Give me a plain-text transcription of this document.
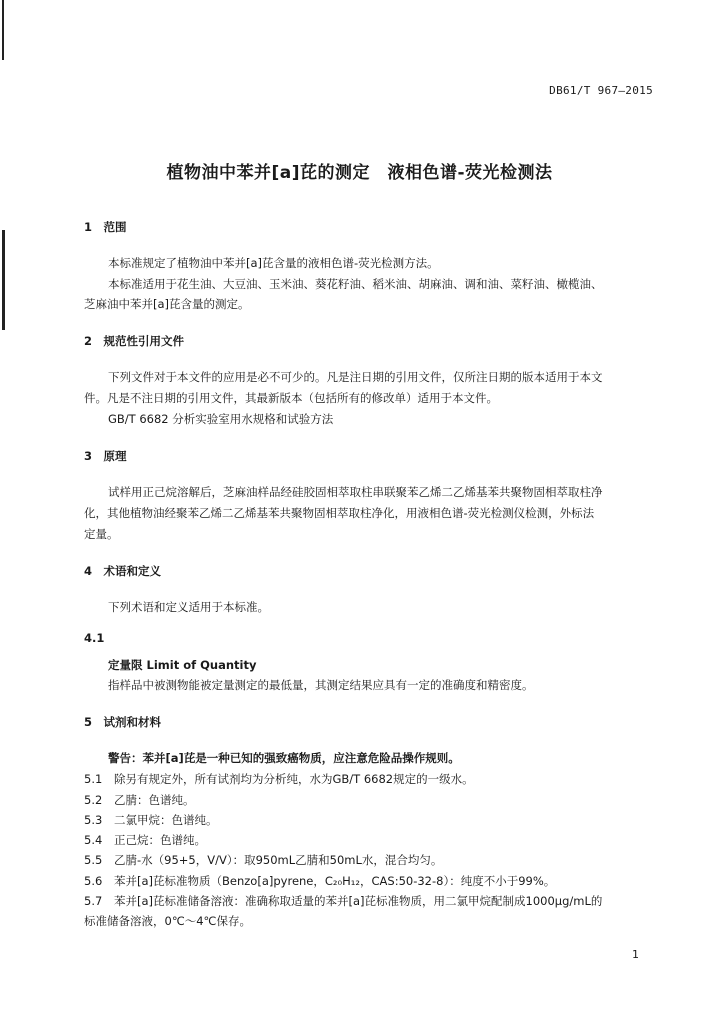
DB61/T 967—2015
植物油中苯并[a]芘的测定　液相色谱-荧光检测法
1　范围
本标准规定了植物油中苯并[a]芘含量的液相色谱-荧光检测方法。
本标准适用于花生油、大豆油、玉米油、葵花籽油、稻米油、胡麻油、调和油、菜籽油、橄榄油、
芝麻油中苯并[a]芘含量的测定。
2　规范性引用文件
下列文件对于本文件的应用是必不可少的。凡是注日期的引用文件，仅所注日期的版本适用于本文
件。凡是不注日期的引用文件，其最新版本（包括所有的修改单）适用于本文件。
GB/T 6682 分析实验室用水规格和试验方法
3　原理
试样用正己烷溶解后，芝麻油样品经硅胶固相萃取柱串联聚苯乙烯二乙烯基苯共聚物固相萃取柱净
化，其他植物油经聚苯乙烯二乙烯基苯共聚物固相萃取柱净化，用液相色谱-荧光检测仪检测，外标法
定量。
4　术语和定义
下列术语和定义适用于本标准。
4.1
定量限 Limit of Quantity
指样品中被测物能被定量测定的最低量，其测定结果应具有一定的准确度和精密度。
5　试剂和材料
警告：苯并[a]芘是一种已知的强致癌物质，应注意危险品操作规则。
5.1 除另有规定外，所有试剂均为分析纯，水为GB/T 6682规定的一级水。
5.2 乙腈：色谱纯。
5.3 二氯甲烷：色谱纯。
5.4 正己烷：色谱纯。
5.5 乙腈-水（95+5，V/V）：取950mL乙腈和50mL水，混合均匀。
5.6 苯并[a]芘标准物质（Benzo[a]pyrene，C₂₀H₁₂，CAS:50-32-8）：纯度不小于99%。
5.7 苯并[a]芘标准储备溶液：准确称取适量的苯并[a]芘标准物质，用二氯甲烷配制成1000μg/mL的
标准储备溶液，0℃～4℃保存。
1
